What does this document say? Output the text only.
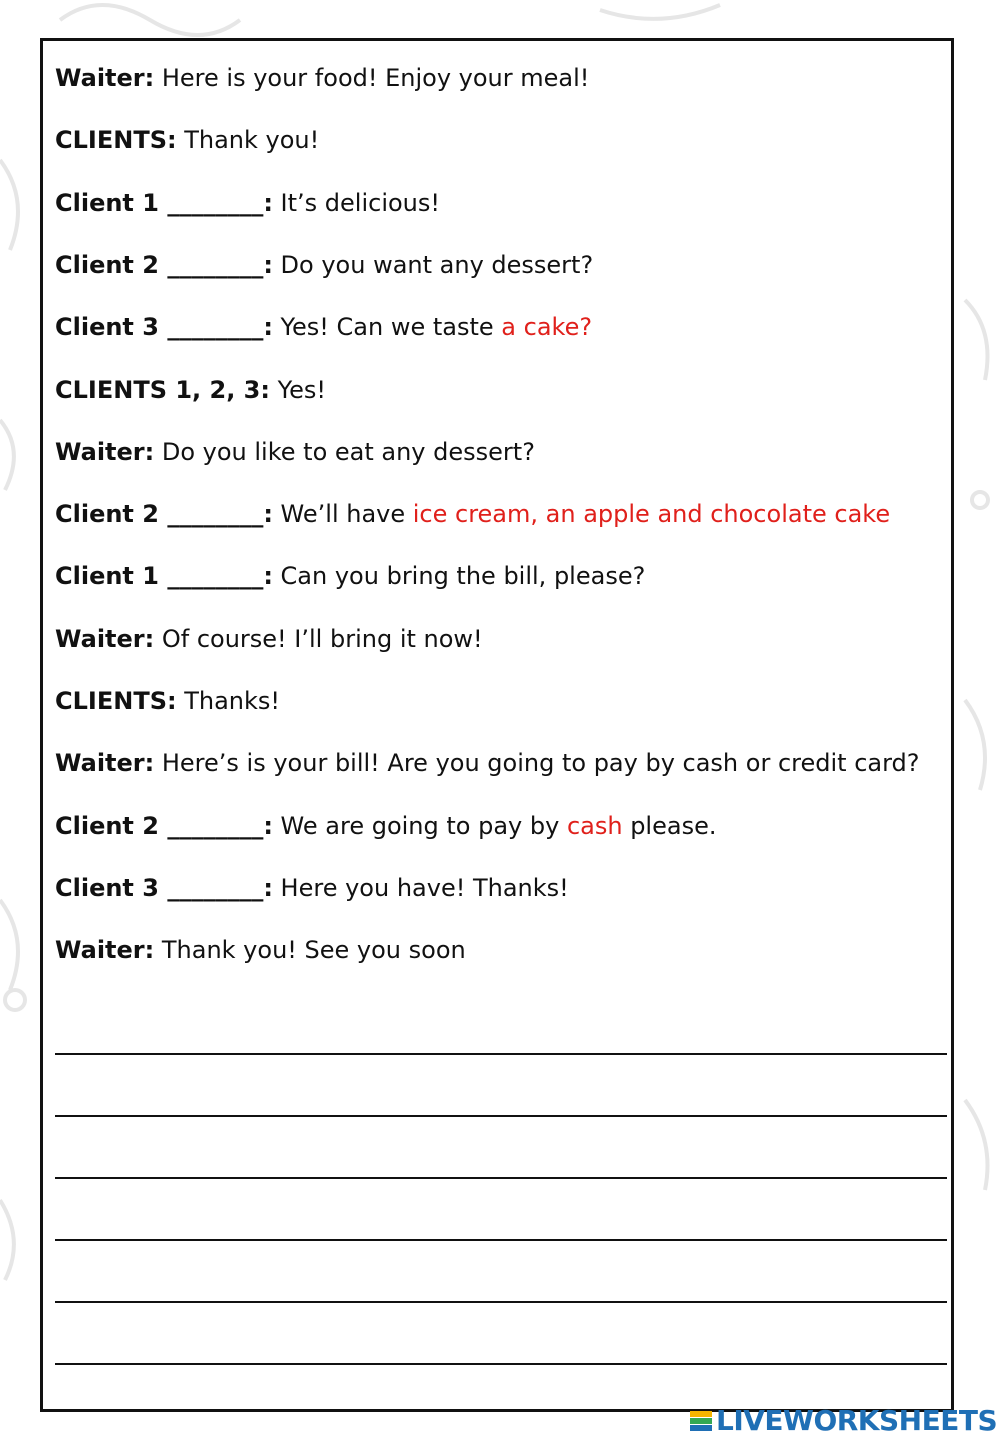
Waiter: Here is your food! Enjoy your meal!
CLIENTS: Thank you!
Client 1 ________: It’s delicious!
Client 2 ________: Do you want any dessert?
Client 3 ________: Yes! Can we taste a cake?
CLIENTS 1, 2, 3: Yes!
Waiter: Do you like to eat any dessert?
Client 2 ________: We’ll have ice cream, an apple and chocolate cake
Client 1 ________: Can you bring the bill, please?
Waiter: Of course! I’ll bring it now!
CLIENTS: Thanks!
Waiter: Here’s is your bill! Are you going to pay by cash or credit card?
Client 2 ________: We are going to pay by cash please.
Client 3 ________: Here you have! Thanks!
Waiter: Thank you! See you soon
LIVEWORKSHEETS
